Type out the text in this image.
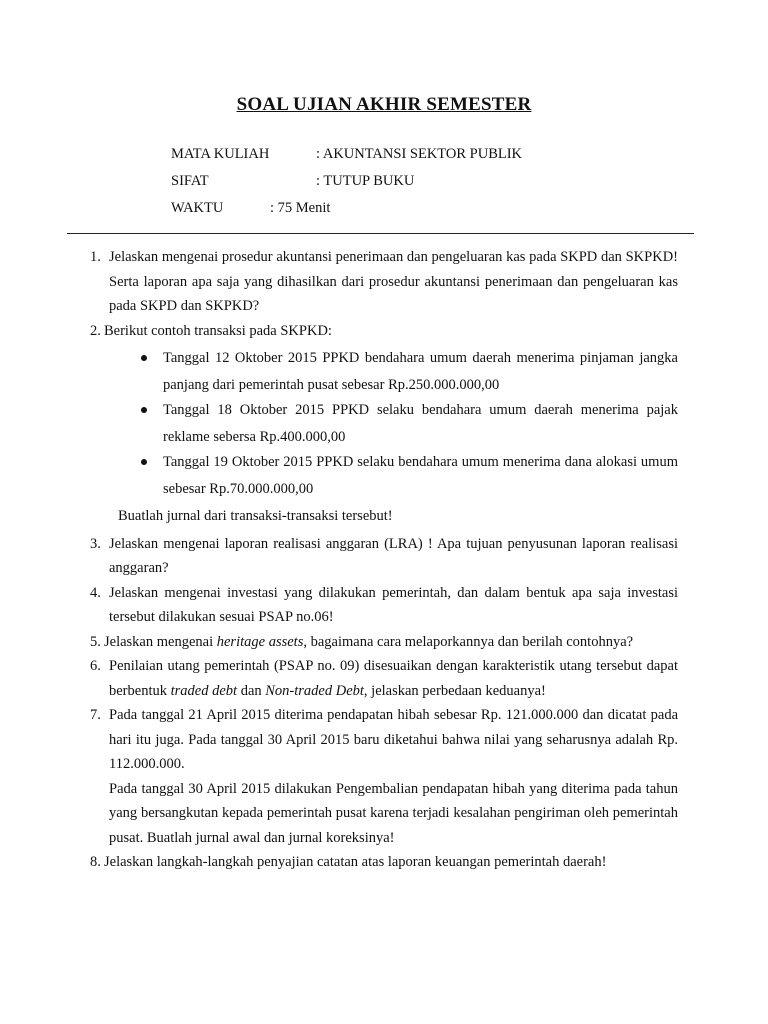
SOAL UJIAN AKHIR SEMESTER
MATA KULIAH	: AKUNTANSI SEKTOR PUBLIK
SIFAT	: TUTUP BUKU
WAKTU	: 75 Menit
1. Jelaskan mengenai prosedur akuntansi penerimaan dan pengeluaran kas pada SKPD dan SKPKD! Serta laporan apa saja yang dihasilkan dari prosedur akuntansi penerimaan dan pengeluaran kas pada SKPD dan SKPKD?
2. Berikut contoh transaksi pada SKPKD:
Tanggal 12 Oktober 2015 PPKD bendahara umum daerah menerima pinjaman jangka panjang dari pemerintah pusat sebesar Rp.250.000.000,00
Tanggal 18 Oktober 2015 PPKD selaku bendahara umum daerah menerima pajak reklame sebersa Rp.400.000,00
Tanggal 19 Oktober 2015 PPKD selaku bendahara umum menerima dana alokasi umum sebesar Rp.70.000.000,00
Buatlah jurnal dari transaksi-transaksi tersebut!
3. Jelaskan mengenai laporan realisasi anggaran (LRA) ! Apa tujuan penyusunan laporan realisasi anggaran?
4. Jelaskan mengenai investasi yang dilakukan pemerintah, dan dalam bentuk apa saja investasi tersebut dilakukan sesuai PSAP no.06!
5. Jelaskan mengenai heritage assets, bagaimana cara melaporkannya dan berilah contohnya?
6. Penilaian utang pemerintah (PSAP no. 09) disesuaikan dengan karakteristik utang tersebut dapat berbentuk traded debt dan Non-traded Debt, jelaskan perbedaan keduanya!
7. Pada tanggal 21 April 2015 diterima pendapatan hibah sebesar Rp. 121.000.000 dan dicatat pada hari itu juga. Pada tanggal 30 April 2015 baru diketahui bahwa nilai yang seharusnya adalah Rp. 112.000.000.
Pada tanggal 30 April 2015 dilakukan Pengembalian pendapatan hibah yang diterima pada tahun yang bersangkutan kepada pemerintah pusat karena terjadi kesalahan pengiriman oleh pemerintah pusat. Buatlah jurnal awal dan jurnal koreksinya!
8. Jelaskan langkah-langkah penyajian catatan atas laporan keuangan pemerintah daerah!
